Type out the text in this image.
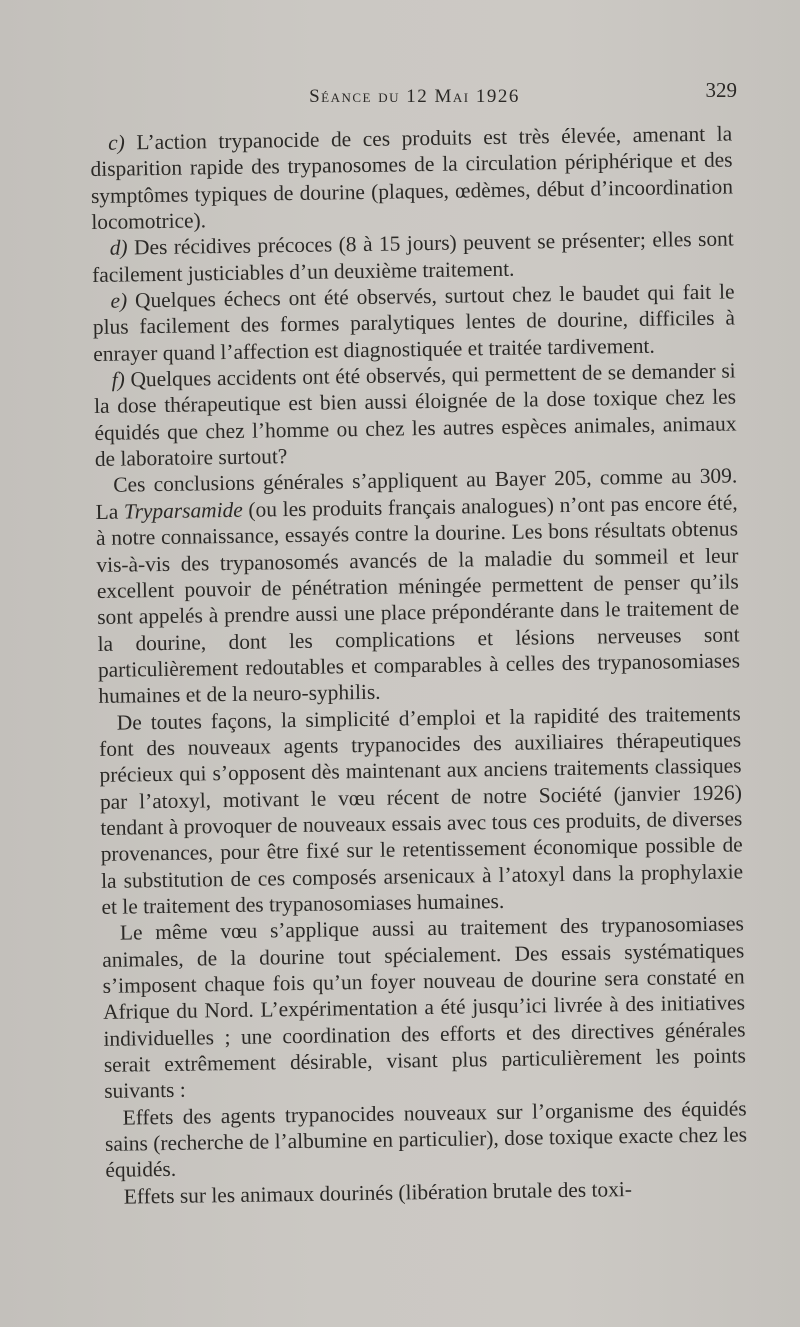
Séance du 12 Mai 1926	329

c) L’action trypanocide de ces produits est très élevée, amenant la disparition rapide des trypanosomes de la circulation périphérique et des symptômes typiques de dourine (plaques, œdèmes, début d’incoordination locomotrice).

d) Des récidives précoces (8 à 15 jours) peuvent se présenter; elles sont facilement justiciables d’un deuxième traitement.

e) Quelques échecs ont été observés, surtout chez le baudet qui fait le plus facilement des formes paralytiques lentes de dourine, difficiles à enrayer quand l’affection est diagnostiquée et traitée tardivement.

f) Quelques accidents ont été observés, qui permettent de se demander si la dose thérapeutique est bien aussi éloignée de la dose toxique chez les équidés que chez l’homme ou chez les autres espèces animales, animaux de laboratoire surtout?

Ces conclusions générales s’appliquent au Bayer 205, comme au 309. La Tryparsamide (ou les produits français analogues) n’ont pas encore été, à notre connaissance, essayés contre la dourine. Les bons résultats obtenus vis-à-vis des trypanosomés avancés de la maladie du sommeil et leur excellent pouvoir de pénétration méningée permettent de penser qu’ils sont appelés à prendre aussi une place prépondérante dans le traitement de la dourine, dont les complications et lésions nerveuses sont particulièrement redoutables et comparables à celles des trypanosomiases humaines et de la neuro-syphilis.

De toutes façons, la simplicité d’emploi et la rapidité des traitements font des nouveaux agents trypanocides des auxiliaires thérapeutiques précieux qui s’opposent dès maintenant aux anciens traitements classiques par l’atoxyl, motivant le vœu récent de notre Société (janvier 1926) tendant à provoquer de nouveaux essais avec tous ces produits, de diverses provenances, pour être fixé sur le retentissement économique possible de la substitution de ces composés arsenicaux à l’atoxyl dans la prophylaxie et le traitement des trypanosomiases humaines.

Le même vœu s’applique aussi au traitement des trypanosomiases animales, de la dourine tout spécialement. Des essais systématiques s’imposent chaque fois qu’un foyer nouveau de dourine sera constaté en Afrique du Nord. L’expérimentation a été jusqu’ici livrée à des initiatives individuelles ; une coordination des efforts et des directives générales serait extrêmement désirable, visant plus particulièrement les points suivants :

Effets des agents trypanocides nouveaux sur l’organisme des équidés sains (recherche de l’albumine en particulier), dose toxique exacte chez les équidés.

Effets sur les animaux dourinés (libération brutale des toxi-
